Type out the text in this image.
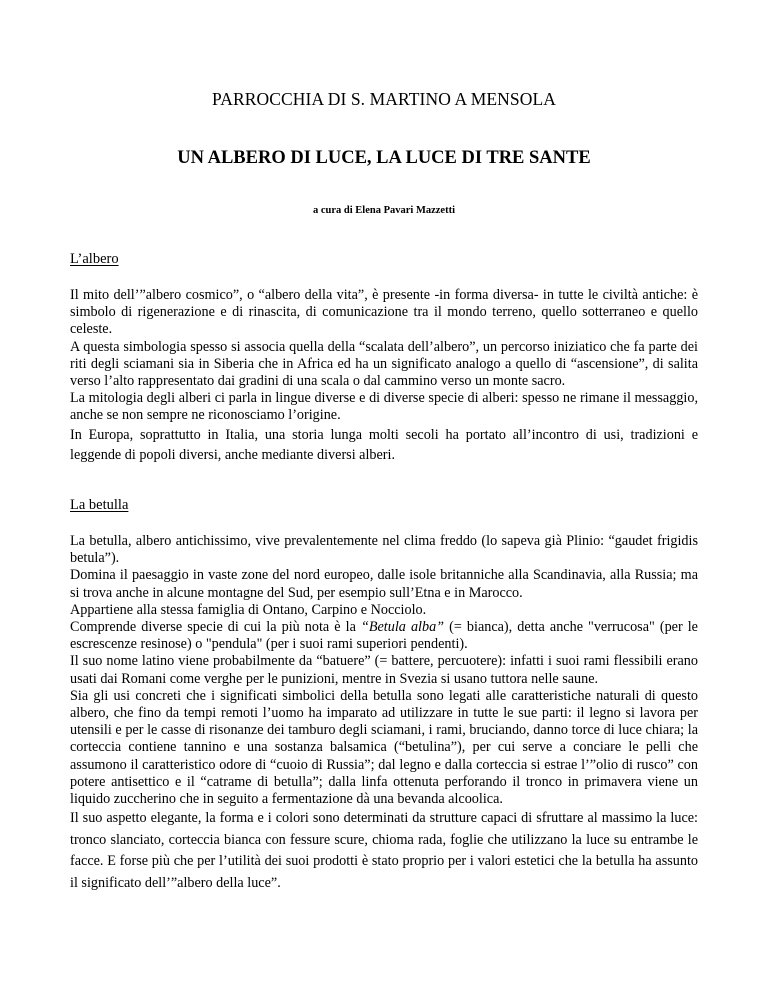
PARROCCHIA DI S. MARTINO A MENSOLA
UN ALBERO DI LUCE, LA LUCE DI TRE SANTE
a cura di Elena Pavari Mazzetti
L’albero

Il mito dell’”albero cosmico”, o “albero della vita”, è presente -in forma diversa- in tutte le civiltà antiche: è simbolo di rigenerazione e di rinascita, di comunicazione tra il mondo terreno, quello sotterraneo e quello celeste.

A questa simbologia spesso si associa quella della “scalata dell’albero”, un percorso iniziatico che fa parte dei riti degli sciamani sia in Siberia che in Africa ed ha un significato analogo a quello di “ascensione”, di salita verso l’alto rappresentato dai gradini di una scala o dal cammino verso un monte sacro.

La mitologia degli alberi ci parla in lingue diverse e di diverse specie di alberi: spesso ne rimane il messaggio, anche se non sempre ne riconosciamo l’origine.

In Europa, soprattutto in Italia, una storia lunga molti secoli ha portato all’incontro di usi, tradizioni e leggende di popoli diversi, anche mediante diversi alberi.

La betulla

La betulla, albero antichissimo, vive prevalentemente nel clima freddo (lo sapeva già Plinio: “gaudet frigidis betula”).

Domina il paesaggio in vaste zone del nord europeo, dalle isole britanniche alla Scandinavia, alla Russia; ma si trova anche in alcune montagne del Sud, per esempio sull’Etna e in Marocco.

Appartiene alla stessa famiglia di Ontano, Carpino e Nocciolo.

Comprende diverse specie di cui la più nota è la “Betula alba” (= bianca), detta anche "verrucosa" (per le escrescenze resinose) o "pendula" (per i suoi rami superiori pendenti).

Il suo nome latino viene probabilmente da “batuere” (= battere, percuotere): infatti i suoi rami flessibili erano usati dai Romani come verghe per le punizioni, mentre in Svezia si usano tuttora nelle saune.

Sia gli usi concreti che i significati simbolici della betulla sono legati alle caratteristiche naturali di questo albero, che fino da tempi remoti l’uomo ha imparato ad utilizzare in tutte le sue parti: il legno si lavora per utensili e per le casse di risonanze dei tamburo degli sciamani, i rami, bruciando, danno torce di luce chiara; la corteccia contiene tannino e una sostanza balsamica (“betulina”), per cui serve a conciare le pelli che assumono il caratteristico odore di “cuoio di Russia”; dal legno e dalla corteccia si estrae l’”olio di rusco” con potere antisettico e il “catrame di betulla”; dalla linfa ottenuta perforando il tronco in primavera viene un liquido zuccherino che in seguito a fermentazione dà una bevanda alcoolica.

Il suo aspetto elegante, la forma e i colori sono determinati da strutture capaci di sfruttare al massimo la luce: tronco slanciato, corteccia bianca con fessure scure, chioma rada, foglie che utilizzano la luce su entrambe le facce. E forse più che per l’utilità dei suoi prodotti è stato proprio per i valori estetici che la betulla ha assunto il significato dell’”albero della luce”.
